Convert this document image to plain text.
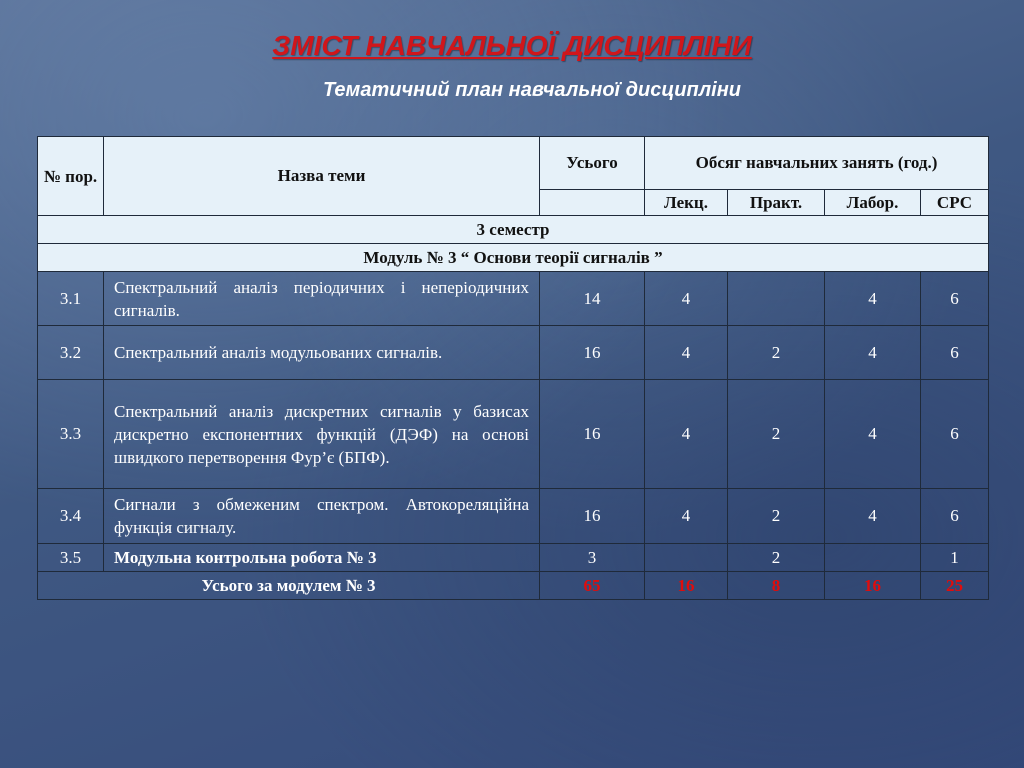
ЗМІСТ НАВЧАЛЬНОЇ ДИСЦИПЛІНИ
Тематичний план навчальної дисципліни
№ пор.	Назва теми	Усього	Обсяг навчальних занять (год.)			
			Лекц.	Практ.	Лабор.	СРС
3 семестр						
Модуль № 3 “ Основи теорії сигналів ”						
3.1	Спектральний аналіз періодичних і неперіодичних сигналів.	14	4		4	6
3.2	Спектральний аналіз модульованих сигналів.	16	4	2	4	6
3.3	Спектральний аналіз дискретних сигналів у базисах дискретно експонентних функцій (ДЭФ) на основі швидкого перетворення Фур’є (БПФ).	16	4	2	4	6
3.4	Сигнали з обмеженим спектром. Автокореляційна функція сигналу.	16	4	2	4	6
3.5	Модульна контрольна робота № 3	3		2		1
Усього за модулем № 3		65	16	8	16	25
